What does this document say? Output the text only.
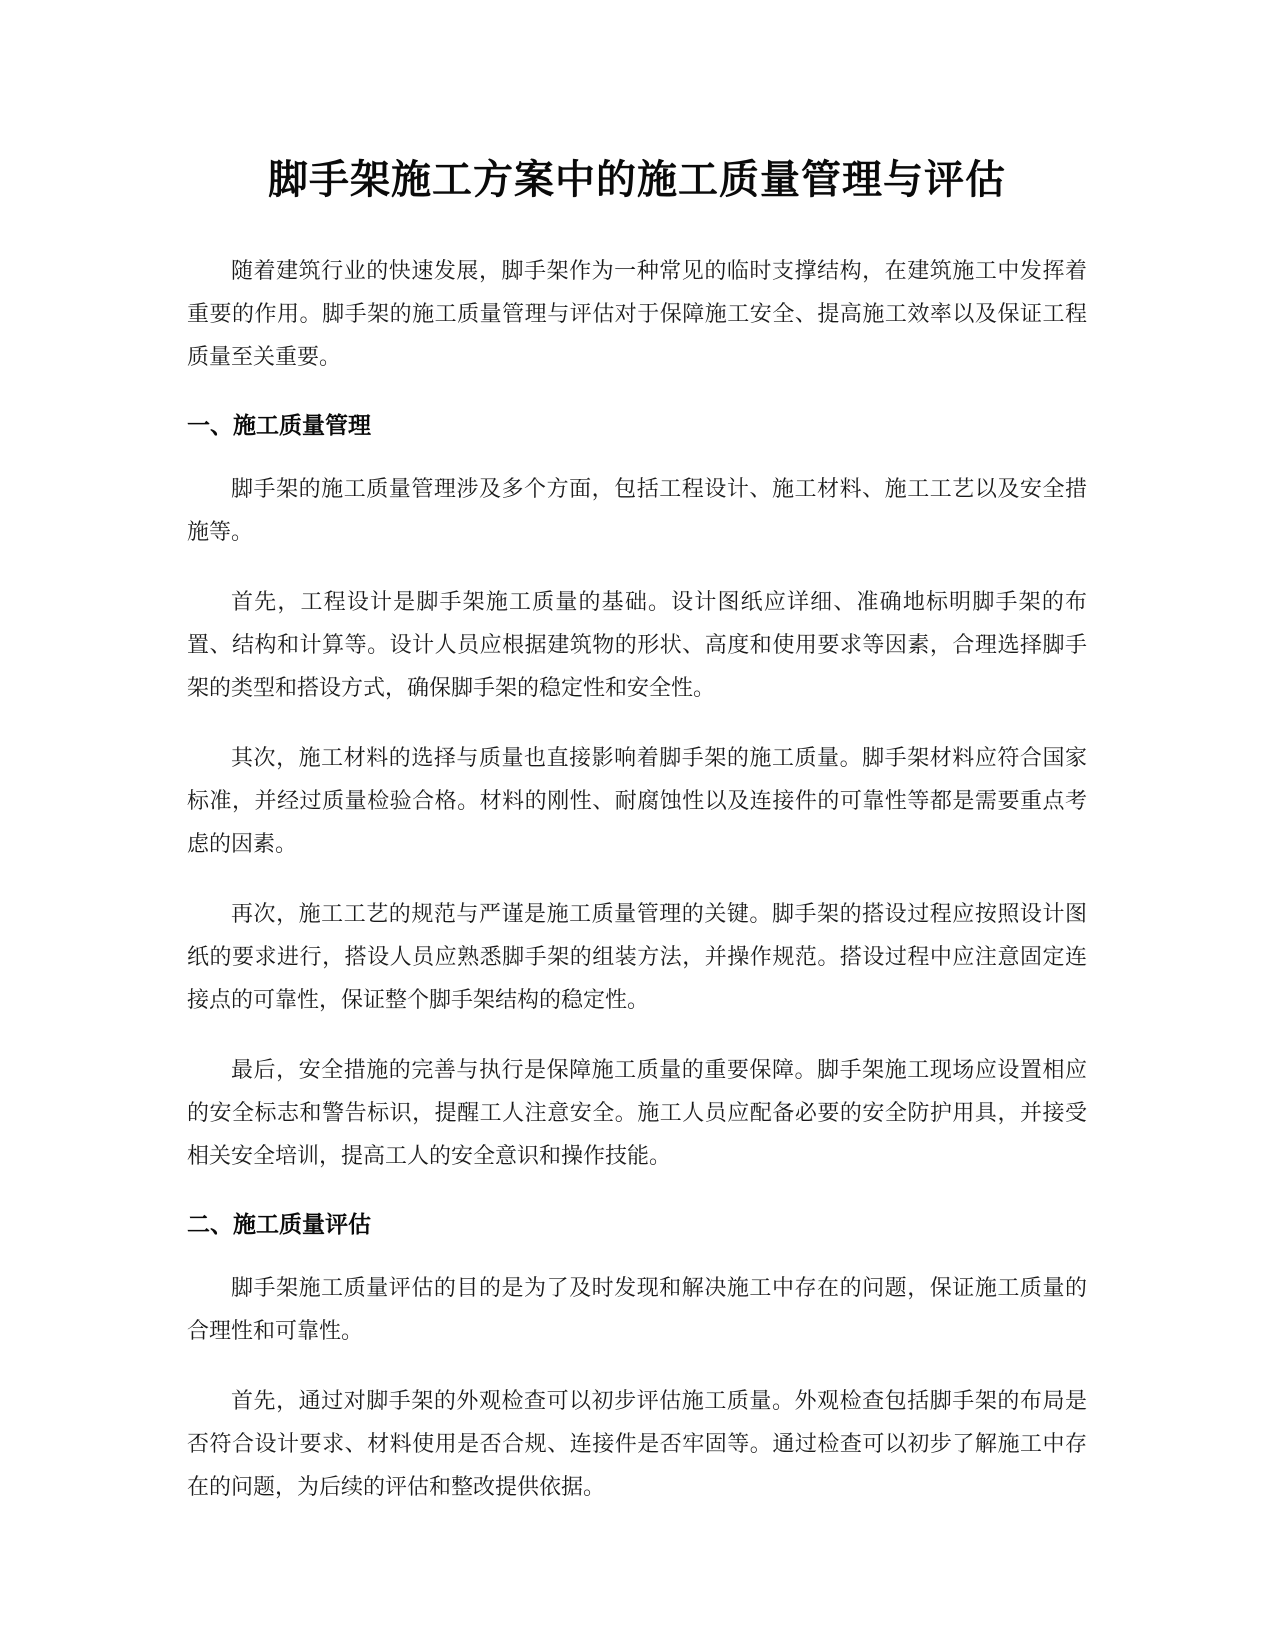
脚手架施工方案中的施工质量管理与评估

随着建筑行业的快速发展，脚手架作为一种常见的临时支撑结构，在建筑施工中发挥着重要的作用。脚手架的施工质量管理与评估对于保障施工安全、提高施工效率以及保证工程质量至关重要。

一、施工质量管理

脚手架的施工质量管理涉及多个方面，包括工程设计、施工材料、施工工艺以及安全措施等。

首先，工程设计是脚手架施工质量的基础。设计图纸应详细、准确地标明脚手架的布置、结构和计算等。设计人员应根据建筑物的形状、高度和使用要求等因素，合理选择脚手架的类型和搭设方式，确保脚手架的稳定性和安全性。

其次，施工材料的选择与质量也直接影响着脚手架的施工质量。脚手架材料应符合国家标准，并经过质量检验合格。材料的刚性、耐腐蚀性以及连接件的可靠性等都是需要重点考虑的因素。

再次，施工工艺的规范与严谨是施工质量管理的关键。脚手架的搭设过程应按照设计图纸的要求进行，搭设人员应熟悉脚手架的组装方法，并操作规范。搭设过程中应注意固定连接点的可靠性，保证整个脚手架结构的稳定性。

最后，安全措施的完善与执行是保障施工质量的重要保障。脚手架施工现场应设置相应的安全标志和警告标识，提醒工人注意安全。施工人员应配备必要的安全防护用具，并接受相关安全培训，提高工人的安全意识和操作技能。

二、施工质量评估

脚手架施工质量评估的目的是为了及时发现和解决施工中存在的问题，保证施工质量的合理性和可靠性。

首先，通过对脚手架的外观检查可以初步评估施工质量。外观检查包括脚手架的布局是否符合设计要求、材料使用是否合规、连接件是否牢固等。通过检查可以初步了解施工中存在的问题，为后续的评估和整改提供依据。
